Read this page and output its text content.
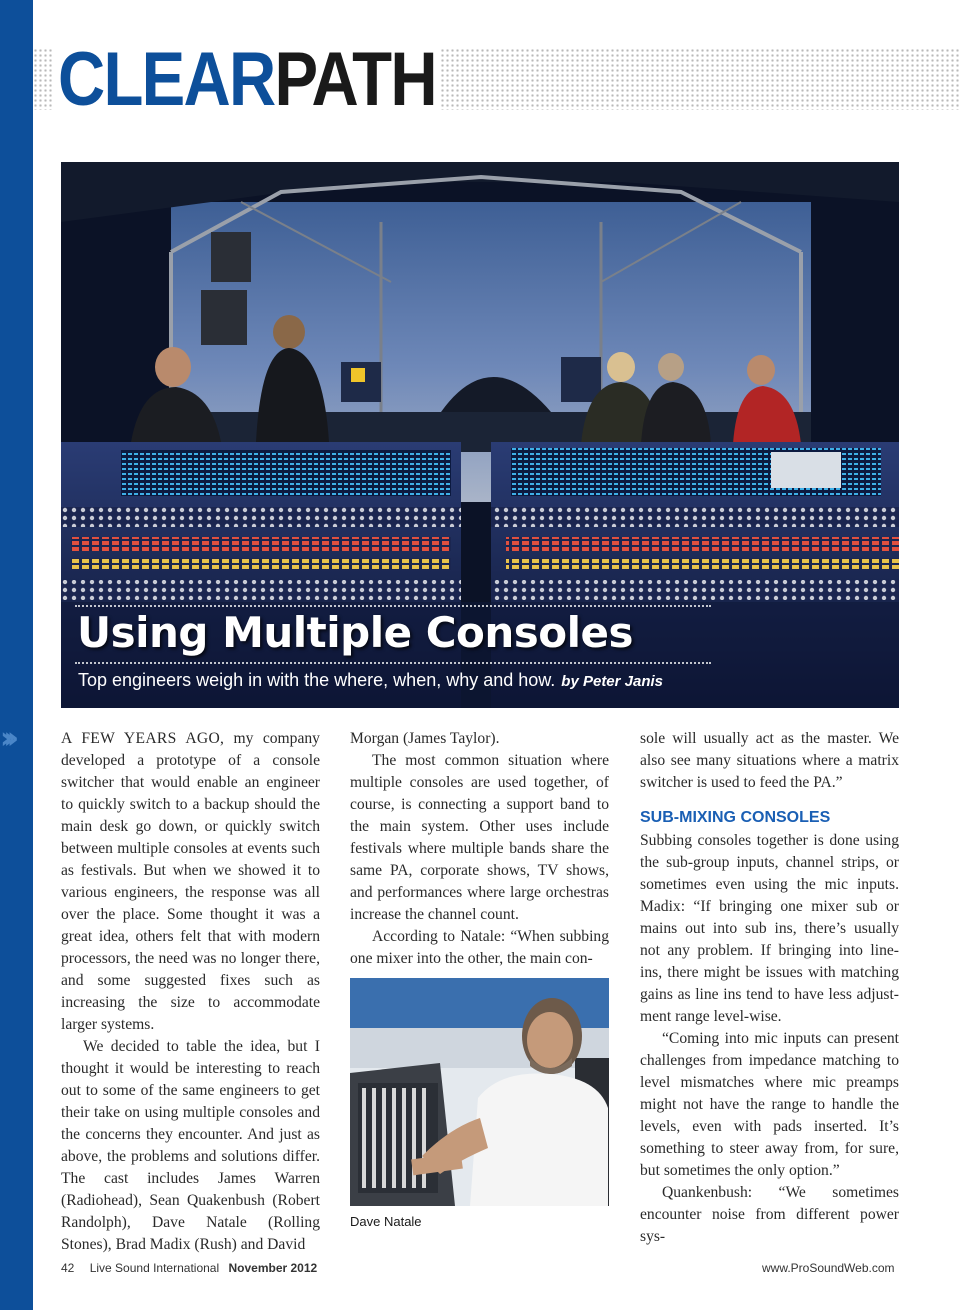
CLEARPATH
Using Multiple Consoles
Top engineers weigh in with the where, when, why and how. by Peter Janis
›››	A FEW YEARS AGO, my company developed a prototype of a console switcher that would enable an engineer to quickly switch to a backup should the main desk go down, or quickly switch between multiple consoles at events such as festivals. But when we showed it to various engineers, the response was all over the place. Some thought it was a great idea, others felt that with modern processors, the need was no longer there, and some suggested fixes such as increasing the size to accommodate larger systems.

We decided to table the idea, but I thought it would be interesting to reach out to some of the same engineers to get their take on using multiple consoles and the concerns they encounter. And just as above, the problems and solutions differ. The cast includes James Warren (Radiohead), Sean Quakenbush (Robert Randolph), Dave Natale (Rolling Stones), Brad Madix (Rush) and David

Morgan (James Taylor).

The most common situation where multiple consoles are used together, of course, is connecting a support band to the main system. Other uses include festivals where multiple bands share the same PA, corporate shows, TV shows, and performances where large orchestras increase the channel count.

According to Natale: “When subbing one mixer into the other, the main con-

Dave Natale

sole will usually act as the master. We also see many situations where a matrix switcher is used to feed the PA.”

SUB-MIXING CONSOLES

Subbing consoles together is done using the sub-group inputs, channel strips, or sometimes even using the mic inputs. Madix: “If bringing one mixer sub or mains out into sub ins, there’s usually not any problem. If bringing into line-ins, there might be issues with matching gains as line ins tend to have less adjustment range level-wise.

“Coming into mic inputs can present challenges from impedance matching to level mismatches where mic preamps might not have the range to handle the levels, even with pads inserted. It’s something to steer away from, for sure, but sometimes the only option.”

Quankenbush: “We sometimes encounter noise from different power sys-

42 Live Sound International November 2012	www.ProSoundWeb.com
